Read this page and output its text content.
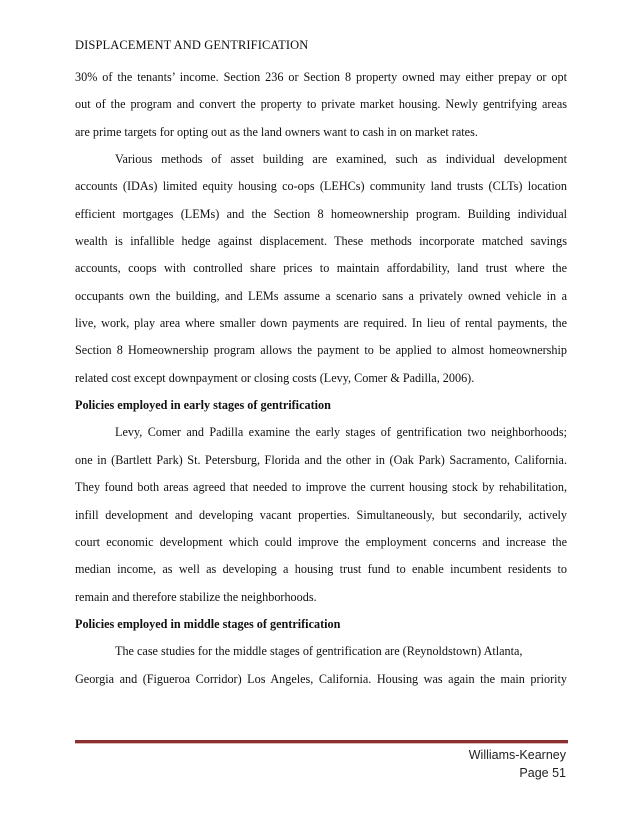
DISPLACEMENT AND GENTRIFICATION
30% of the tenants’ income. Section 236 or Section 8 property owned may either prepay or opt
out of the program and convert the property to private market housing. Newly gentrifying areas
are prime targets for opting out as the land owners want to cash in on market rates.
Various methods of asset building are examined, such as individual development
accounts (IDAs) limited equity housing co-ops (LEHCs) community land trusts (CLTs) location
efficient mortgages (LEMs) and the Section 8 homeownership program. Building individual
wealth is infallible hedge against displacement. These methods incorporate matched savings
accounts, coops with controlled share prices to maintain affordability, land trust where the
occupants own the building, and LEMs assume a scenario sans a privately owned vehicle in a
live, work, play area where smaller down payments are required. In lieu of rental payments, the
Section 8 Homeownership program allows the payment to be applied to almost homeownership
related cost except downpayment or closing costs (Levy, Comer & Padilla, 2006).
Policies employed in early stages of gentrification
Levy, Comer and Padilla examine the early stages of gentrification two neighborhoods;
one in (Bartlett Park) St. Petersburg, Florida and the other in (Oak Park) Sacramento, California.
They found both areas agreed that needed to improve the current housing stock by rehabilitation,
infill development and developing vacant properties. Simultaneously, but secondarily, actively
court economic development which could improve the employment concerns and increase the
median income, as well as developing a housing trust fund to enable incumbent residents to
remain and therefore stabilize the neighborhoods.
Policies employed in middle stages of gentrification
The case studies for the middle stages of gentrification are (Reynoldstown) Atlanta,
Georgia and (Figueroa Corridor) Los Angeles, California. Housing was again the main priority
Williams-Kearney
Page 51
